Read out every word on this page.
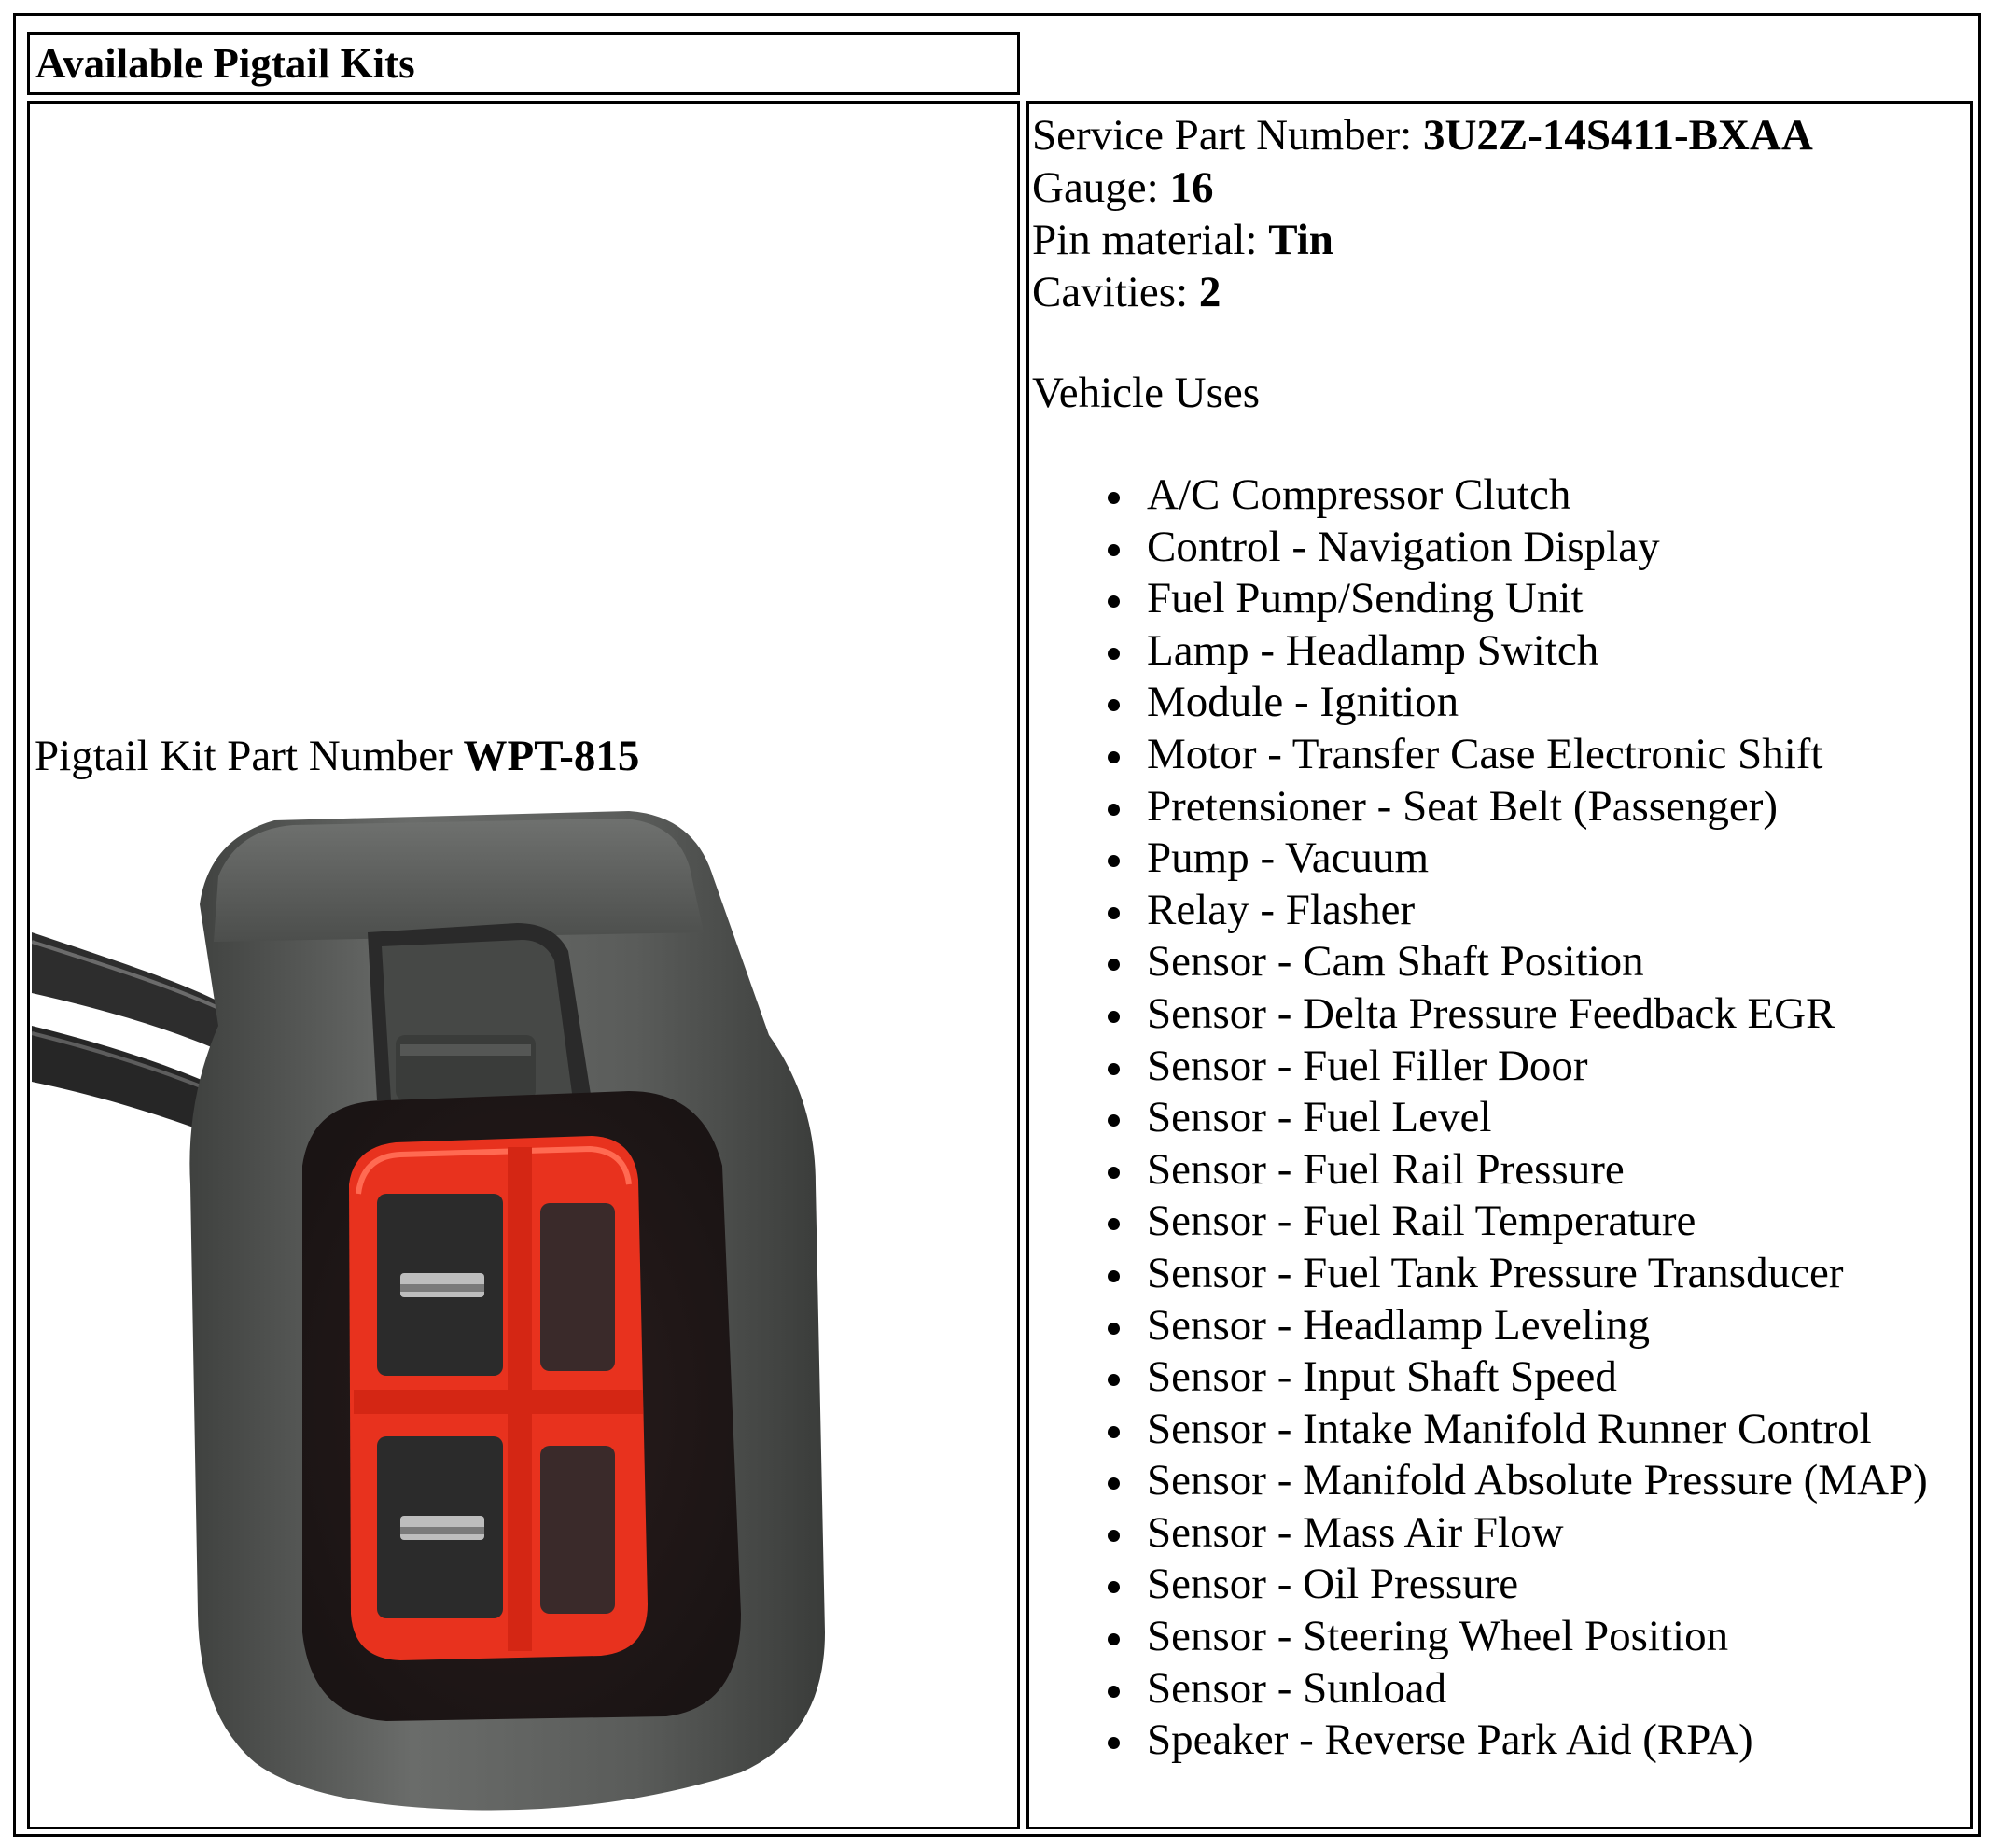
Available Pigtail Kits
Pigtail Kit Part Number WPT-815
Service Part Number: 3U2Z-14S411-BXAA
Gauge: 16
Pin material: Tin
Cavities: 2
Vehicle Uses
A/C Compressor Clutch
Control - Navigation Display
Fuel Pump/Sending Unit
Lamp - Headlamp Switch
Module - Ignition
Motor - Transfer Case Electronic Shift
Pretensioner - Seat Belt (Passenger)
Pump - Vacuum
Relay - Flasher
Sensor - Cam Shaft Position
Sensor - Delta Pressure Feedback EGR
Sensor - Fuel Filler Door
Sensor - Fuel Level
Sensor - Fuel Rail Pressure
Sensor - Fuel Rail Temperature
Sensor - Fuel Tank Pressure Transducer
Sensor - Headlamp Leveling
Sensor - Input Shaft Speed
Sensor - Intake Manifold Runner Control
Sensor - Manifold Absolute Pressure (MAP)
Sensor - Mass Air Flow
Sensor - Oil Pressure
Sensor - Steering Wheel Position
Sensor - Sunload
Speaker - Reverse Park Aid (RPA)
